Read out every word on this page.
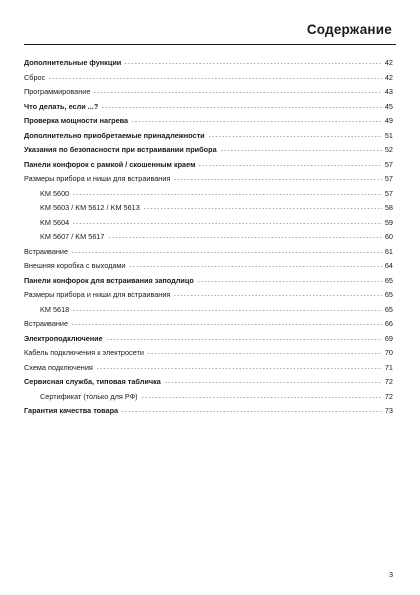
Содержание
Дополнительные функции	42
Сброс	42
Программирование	43
Что делать, если ...?	45
Проверка мощности нагрева	49
Дополнительно приобретаемые принадлежности	51
Указания по безопасности при встраивании прибора	52
Панели конфорок с рамкой / скошенным краем	57
Размеры прибора и ниши для встраивания	57
KM 5600	57
KM 5603 / KM 5612 / KM 5613	58
KM 5604	59
KM 5607 / KM 5617	60
Встраивание	61
Внешняя коробка с выходами	64
Панели конфорок для встраивания заподлицо	65
Размеры прибора и ниши для встраивания	65
KM 5618	65
Встраивание	66
Электроподключение	69
Кабель подключения к электросети	70
Схема подключения	71
Сервисная служба, типовая табличка	72
Сертификат (только для РФ)	72
Гарантия качества товара	73
3
